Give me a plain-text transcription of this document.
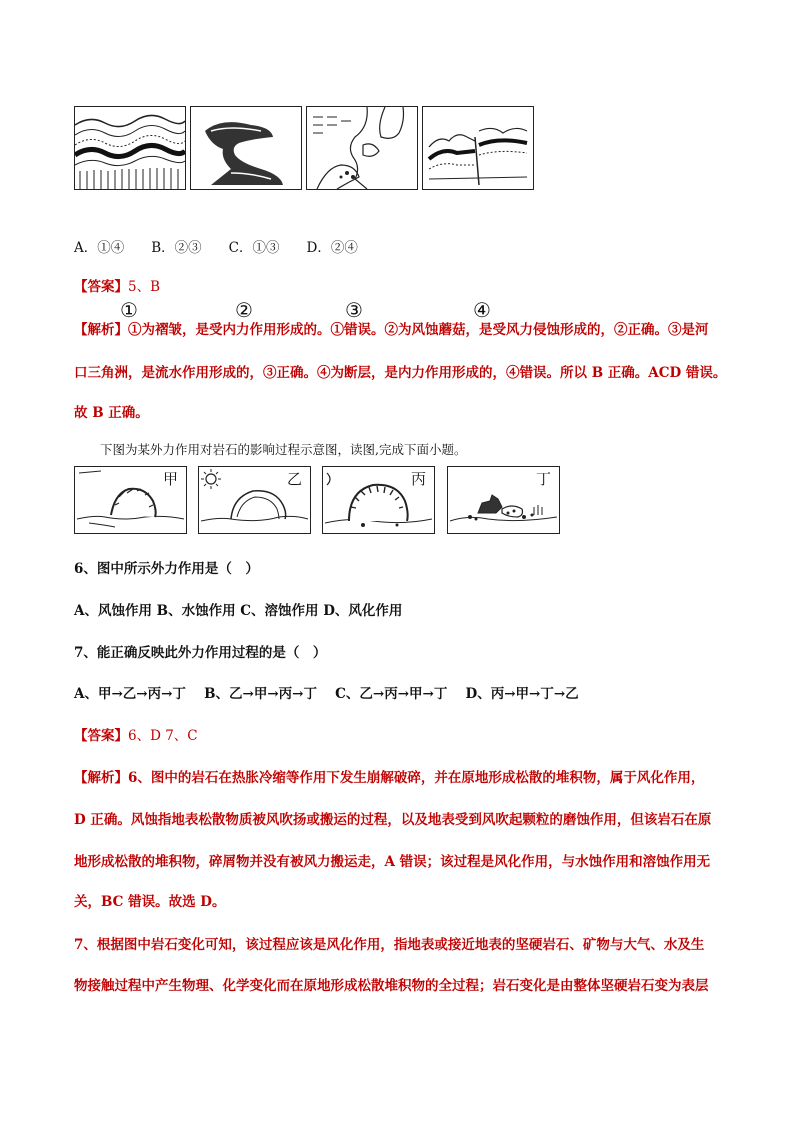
①	②	③	④
A．①④　　B．②③　　C．①③　　D．②④
【答案】5、B
【解析】①为褶皱，是受内力作用形成的。①错误。②为风蚀蘑菇，是受风力侵蚀形成的，②正确。③是河
口三角洲，是流水作用形成的，③正确。④为断层，是内力作用形成的，④错误。所以 B 正确。ACD 错误。
故 B 正确。
下图为某外力作用对岩石的影响过程示意图，读图,完成下面小题。
甲	乙	丙	丁
6、图中所示外力作用是（　）
A、风蚀作用 B、水蚀作用 C、溶蚀作用 D、风化作用
7、能正确反映此外力作用过程的是（　）
A、甲→乙→丙→丁　 B、乙→甲→丙→丁　 C、乙→丙→甲→丁　 D、丙→甲→丁→乙
【答案】6、D 7、C
【解析】6、图中的岩石在热胀冷缩等作用下发生崩解破碎，并在原地形成松散的堆积物，属于风化作用，
D 正确。风蚀指地表松散物质被风吹扬或搬运的过程，以及地表受到风吹起颗粒的磨蚀作用，但该岩石在原
地形成松散的堆积物，碎屑物并没有被风力搬运走，A 错误；该过程是风化作用，与水蚀作用和溶蚀作用无
关，BC 错误。故选 D。
7、根据图中岩石变化可知，该过程应该是风化作用，指地表或接近地表的坚硬岩石、矿物与大气、水及生
物接触过程中产生物理、化学变化而在原地形成松散堆积物的全过程；岩石变化是由整体坚硬岩石变为表层
